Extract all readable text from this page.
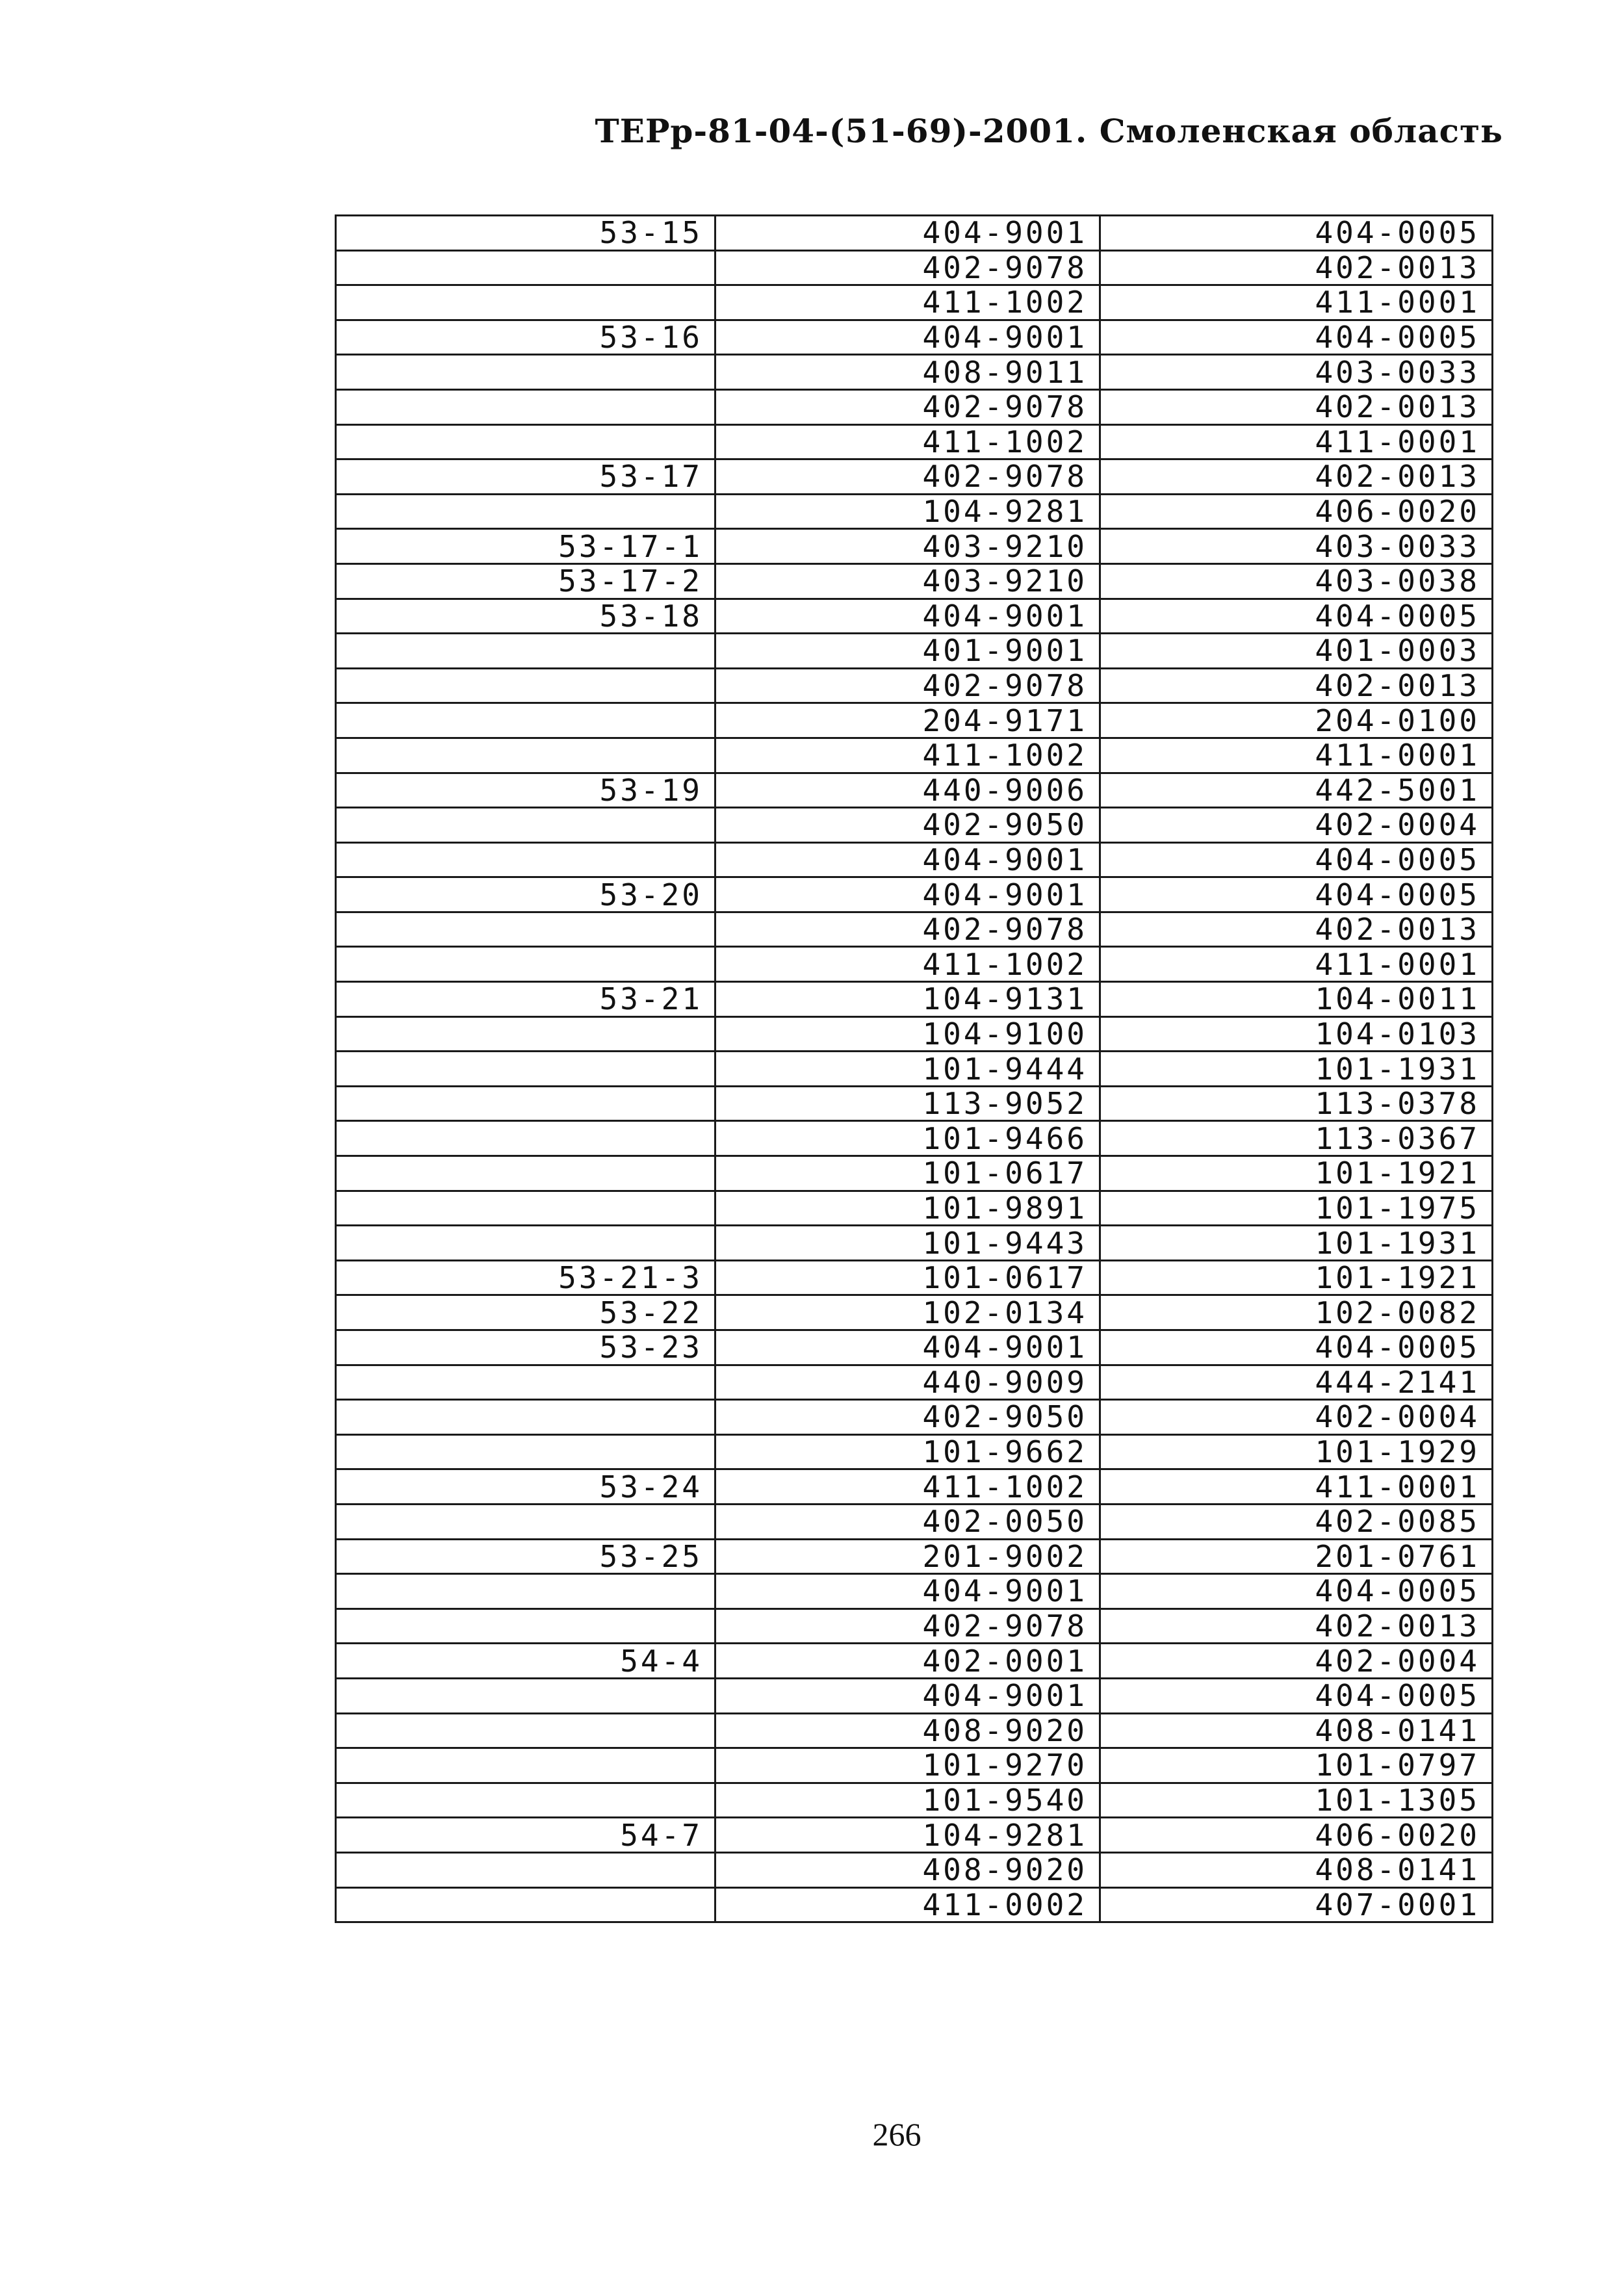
ТЕРр-81-04-(51-69)-2001. Смоленская область
53-15	404-9001	404-0005
	402-9078	402-0013
	411-1002	411-0001
53-16	404-9001	404-0005
	408-9011	403-0033
	402-9078	402-0013
	411-1002	411-0001
53-17	402-9078	402-0013
	104-9281	406-0020
53-17-1	403-9210	403-0033
53-17-2	403-9210	403-0038
53-18	404-9001	404-0005
	401-9001	401-0003
	402-9078	402-0013
	204-9171	204-0100
	411-1002	411-0001
53-19	440-9006	442-5001
	402-9050	402-0004
	404-9001	404-0005
53-20	404-9001	404-0005
	402-9078	402-0013
	411-1002	411-0001
53-21	104-9131	104-0011
	104-9100	104-0103
	101-9444	101-1931
	113-9052	113-0378
	101-9466	113-0367
	101-0617	101-1921
	101-9891	101-1975
	101-9443	101-1931
53-21-3	101-0617	101-1921
53-22	102-0134	102-0082
53-23	404-9001	404-0005
	440-9009	444-2141
	402-9050	402-0004
	101-9662	101-1929
53-24	411-1002	411-0001
	402-0050	402-0085
53-25	201-9002	201-0761
	404-9001	404-0005
	402-9078	402-0013
54-4	402-0001	402-0004
	404-9001	404-0005
	408-9020	408-0141
	101-9270	101-0797
	101-9540	101-1305
54-7	104-9281	406-0020
	408-9020	408-0141
	411-0002	407-0001
266
